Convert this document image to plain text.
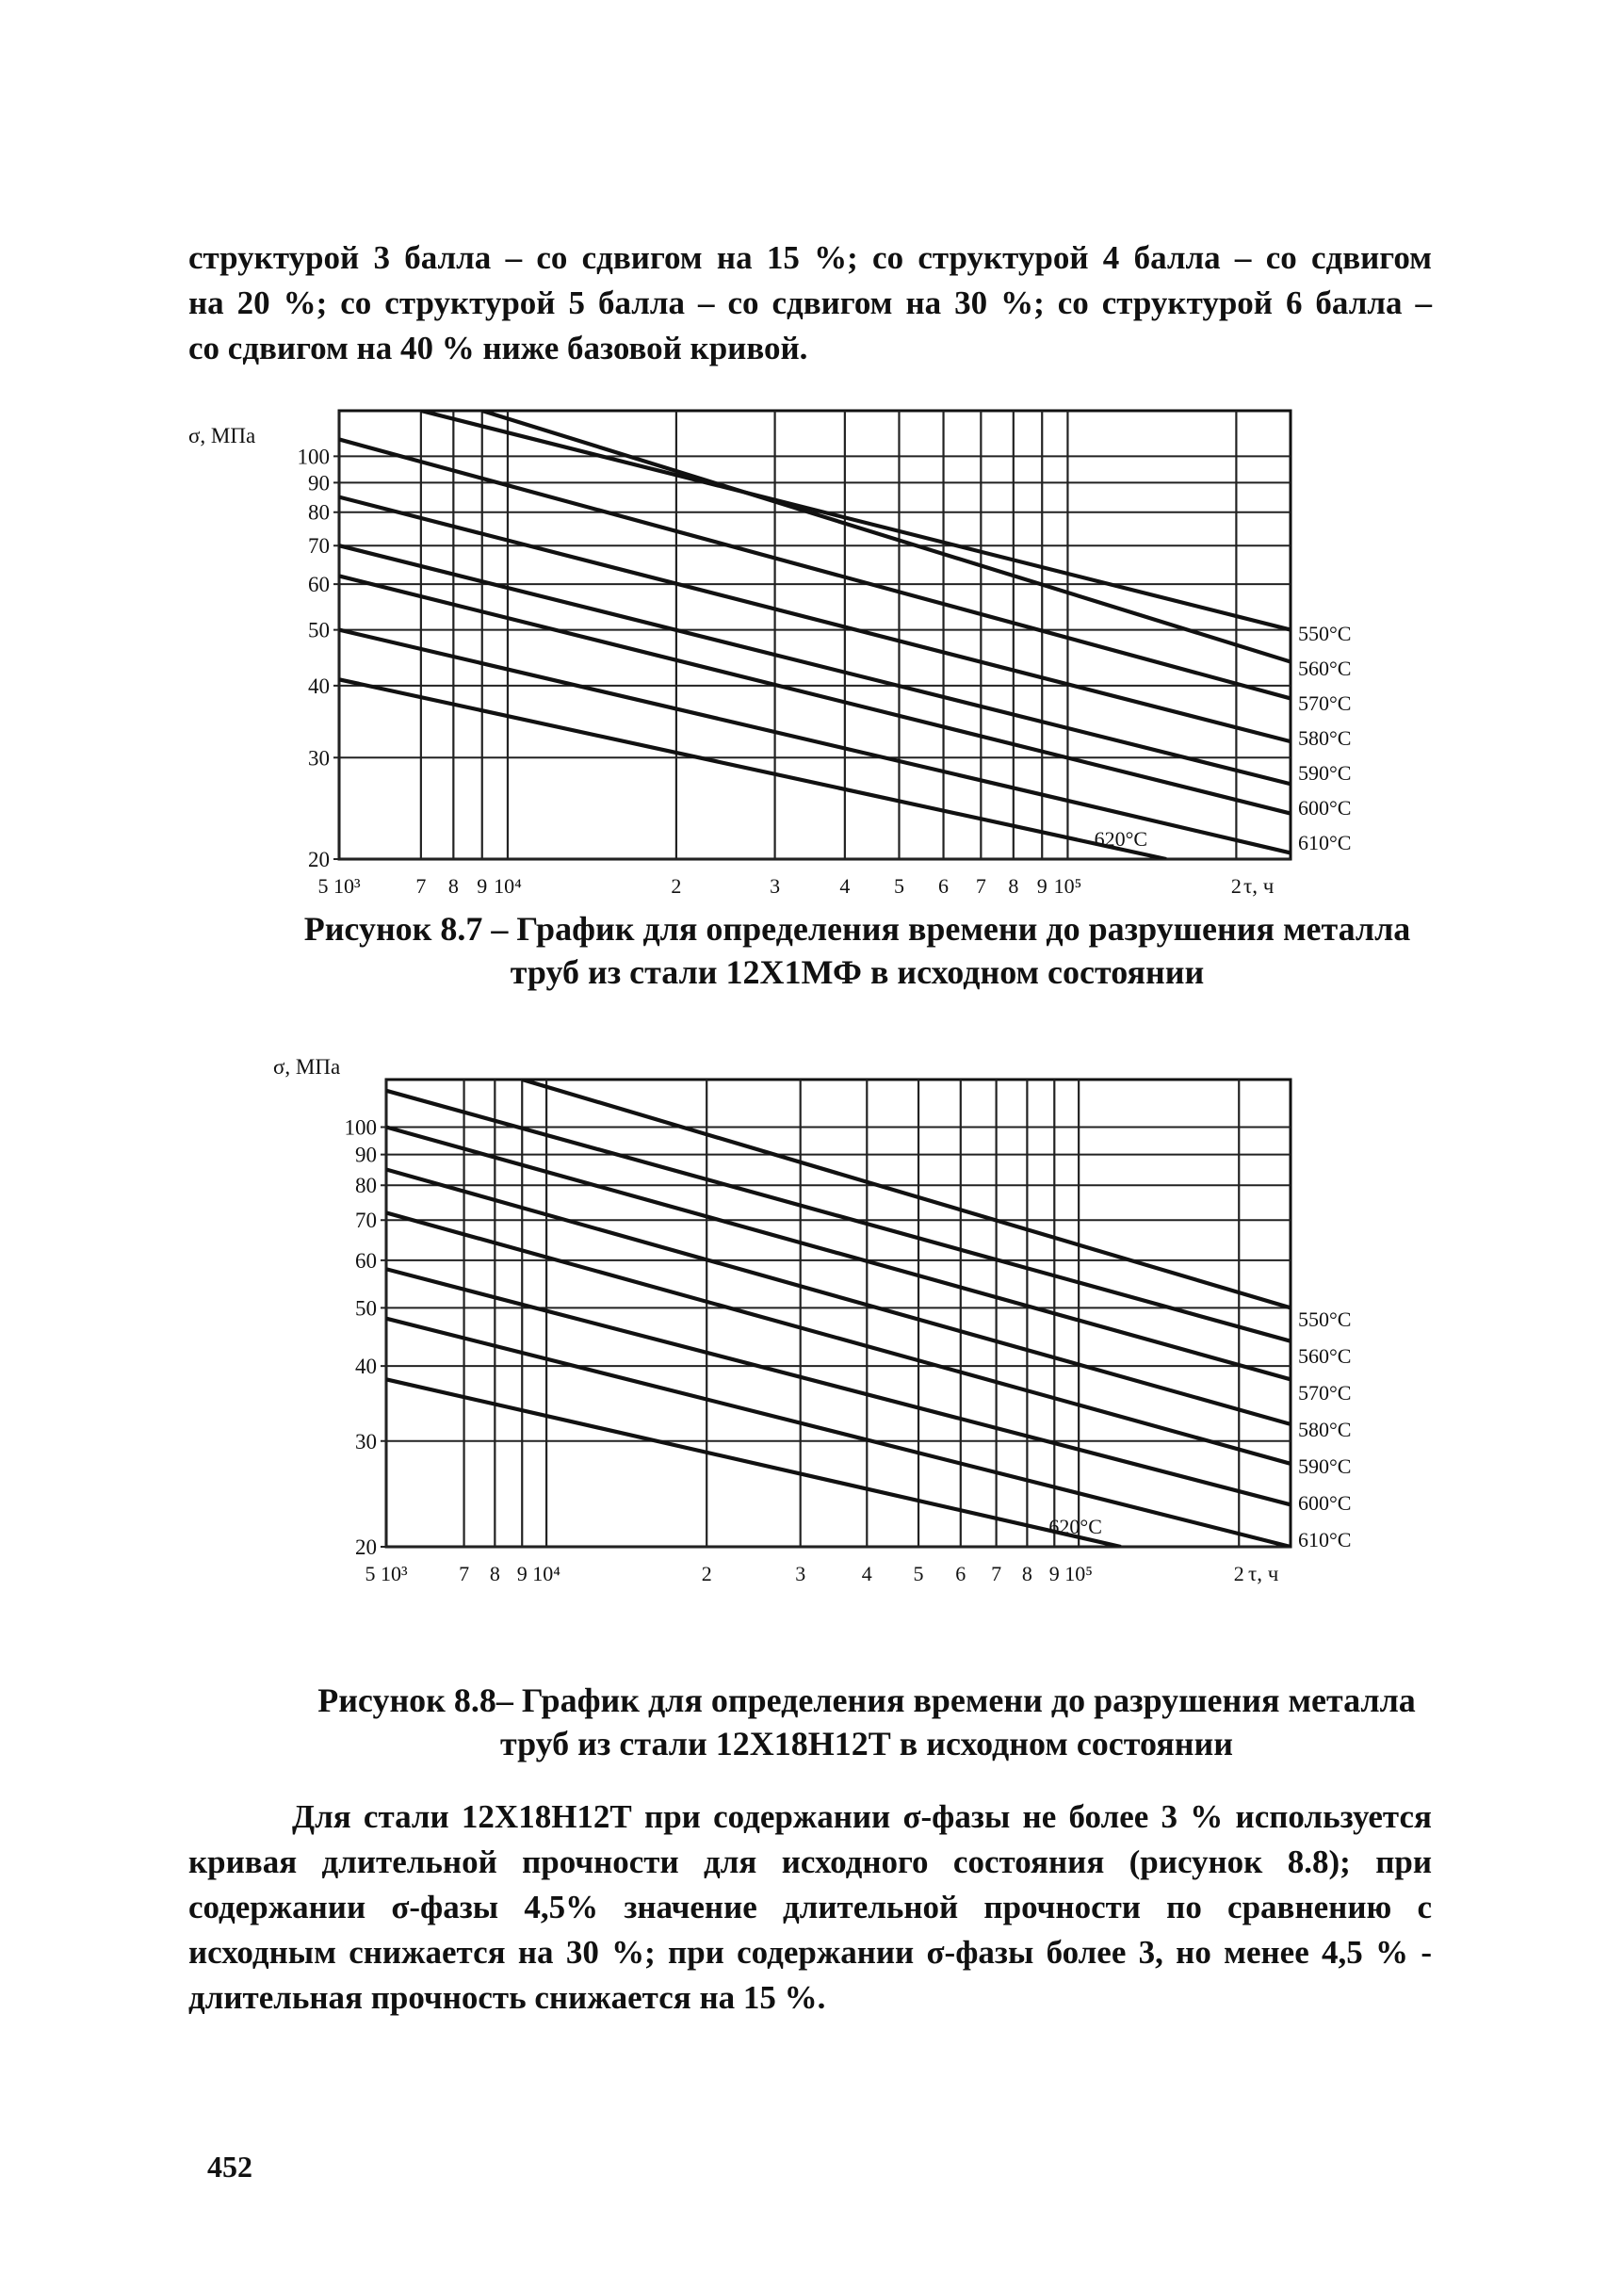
структурой 3 балла – со сдвигом на 15 %; со структурой 4 балла – со сдвигом
на 20 %; со структурой 5 балла – со сдвигом на 30 %; со структурой 6 балла –
со сдвигом на 40 % ниже базовой кривой.
5 10³	7 8 9 10⁴	2	3	4 5 6 7 8 9 10⁵	2
100
90
80
70
60
50
40
30
20
σ, МПа
τ, ч
550°C
560°C
570°C
580°C
590°C
600°C
610°C
620°C
Рисунок 8.7 – График для определения времени до разрушения металла
труб из стали 12Х1МФ в исходном состоянии
5 10³ 7 8 9 10⁴	2	3	4 5 6 7 8 9 10⁵	2
100
90
80
70
60
50
40
30
20
σ, МПа
τ, ч
550°C
560°C
570°C
580°C
590°C
600°C
610°C
620°C
Рисунок 8.8– График для определения времени до разрушения металла
труб из стали 12Х18Н12Т в исходном состоянии
Для стали 12Х18Н12Т при содержании σ-фазы не более 3 % используется
кривая длительной прочности для исходного состояния (рисунок 8.8); при
содержании σ-фазы 4,5% значение длительной прочности по сравнению с
исходным снижается на 30 %; при содержании σ-фазы более 3, но менее 4,5 % -
длительная прочность снижается на 15 %.
452
